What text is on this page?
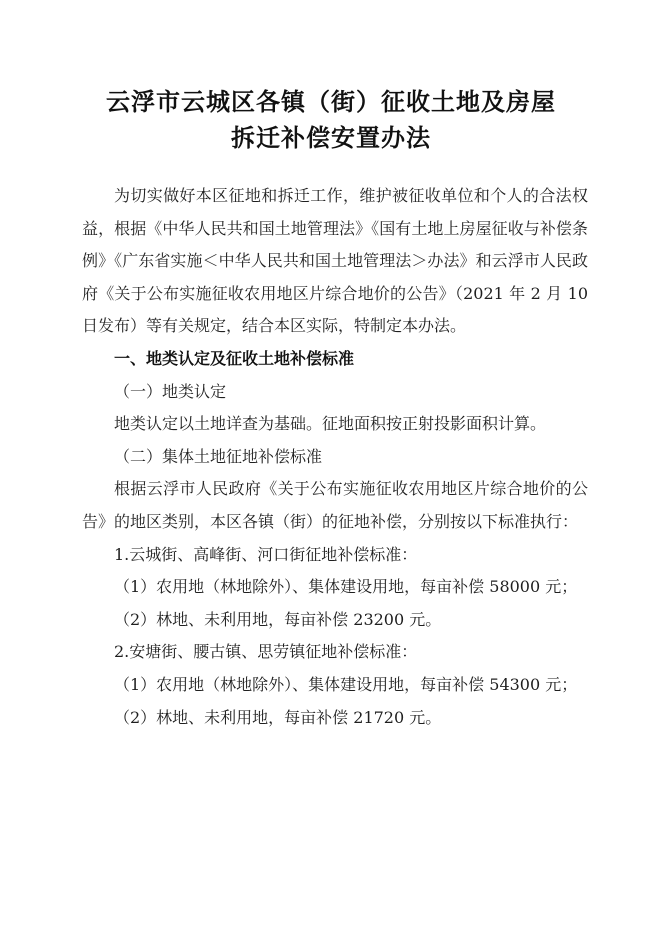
云浮市云城区各镇（街）征收土地及房屋
拆迁补偿安置办法

为切实做好本区征地和拆迁工作，维护被征收单位和个人的合法权益，根据《中华人民共和国土地管理法》《国有土地上房屋征收与补偿条例》《广东省实施＜中华人民共和国土地管理法＞办法》和云浮市人民政府《关于公布实施征收农用地区片综合地价的公告》（2021 年 2 月 10 日发布）等有关规定，结合本区实际，特制定本办法。

一、地类认定及征收土地补偿标准

（一）地类认定

地类认定以土地详查为基础。征地面积按正射投影面积计算。

（二）集体土地征地补偿标准

根据云浮市人民政府《关于公布实施征收农用地区片综合地价的公告》的地区类别，本区各镇（街）的征地补偿，分别按以下标准执行：

1.云城街、高峰街、河口街征地补偿标准：

（1）农用地（林地除外）、集体建设用地，每亩补偿 58000 元；

（2）林地、未利用地，每亩补偿 23200 元。

2.安塘街、腰古镇、思劳镇征地补偿标准：

（1）农用地（林地除外）、集体建设用地，每亩补偿 54300 元；

（2）林地、未利用地，每亩补偿 21720 元。
